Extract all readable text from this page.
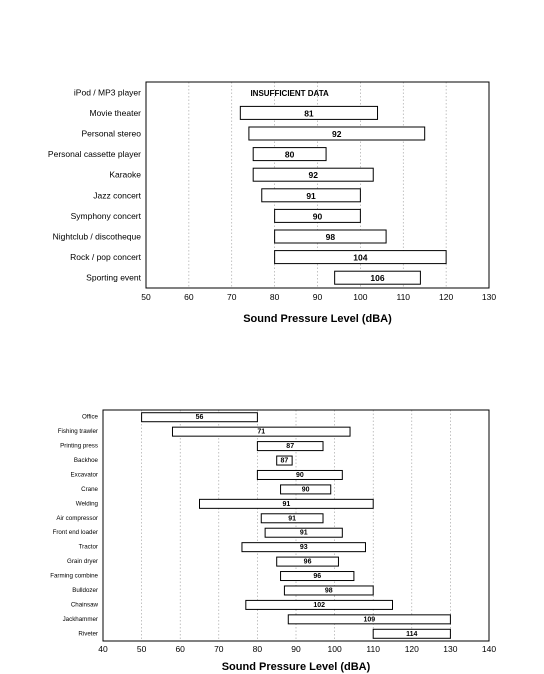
50	60	70	80	90	100	110	120	130
Sound Pressure Level (dBA)
iPod / MP3 player	INSUFFICIENT DATA
Movie theater	81
Personal stereo	92
Personal cassette player	80
Karaoke	92
Jazz concert	91
Symphony concert	90
Nightclub / discotheque	98
Rock / pop concert	104
Sporting event	106
40	50	60	70	80	90	100	110	120	130	140
Sound Pressure Level (dBA)
Office	56
Fishing trawler	71
Printing press	87
Backhoe	87
Excavator	90
Crane	90
Welding	91
Air compressor	91
Front end loader	91
Tractor	93
Grain dryer	96
Farming combine	96
Bulldozer	98
Chainsaw	102
Jackhammer	109
Riveter	114
